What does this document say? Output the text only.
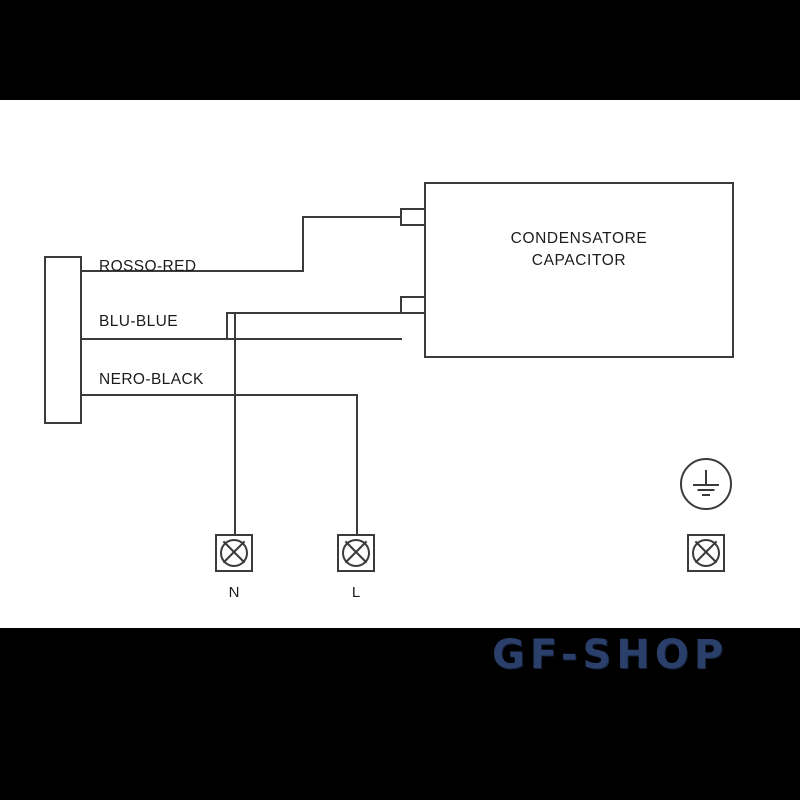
CONDENSATORE
CAPACITOR
ROSSO-RED
BLU-BLUE
NERO-BLACK
N	L
GF-SHOP
